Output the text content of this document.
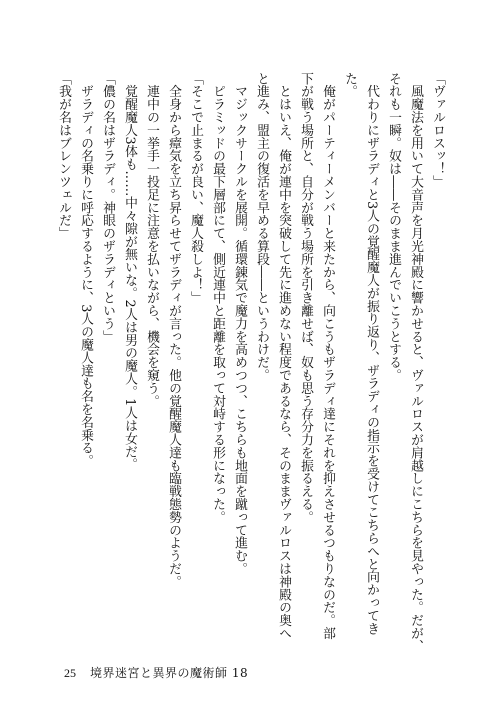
「ヴァルロスッ！」
　風魔法を用いて大音声を月光神殿に響かせると、ヴァルロスが肩越しにこちらを見やった。だが、
それも一瞬。奴は――そのまま進んでいこうとする。
　代わりにザラディと3人の覚醒魔人が振り返り、ザラディの指示を受けてこちらへと向かってき
た。
　俺がパーティーメンバーと来たから、向こうもザラディ達にそれを抑えさせるつもりなのだ。部
下が戦う場所と、自分が戦う場所を引き離せば、奴も思う存分力を振るえる。
　とはいえ、俺が連中を突破して先に進めない程度であるなら、そのままヴァルロスは神殿の奥へ
と進み、盟主の復活を早める算段――というわけだ。
　マジックサークルを展開。循環錬気で魔力を高めつつ、こちらも地面を蹴って進む。
　ピラミッドの最下層部にて、側近連中と距離を取って対峙する形になった。
「そこで止まるが良い、魔人殺しよ！」
　全身から瘴気を立ち昇らせてザラディが言った。他の覚醒魔人達も臨戦態勢のようだ。
　連中の一挙手一投足に注意を払いながら、機会を窺う。
　覚醒魔人3体も……中々隙が無いな。2人は男の魔人。1人は女だ。
「儂の名はザラディ。神眼のザラディという」
　ザラディの名乗りに呼応するように、3人の魔人達も名を名乗る。
「我が名はブレンツェルだ」
25 境界迷宮と異界の魔術師 18
